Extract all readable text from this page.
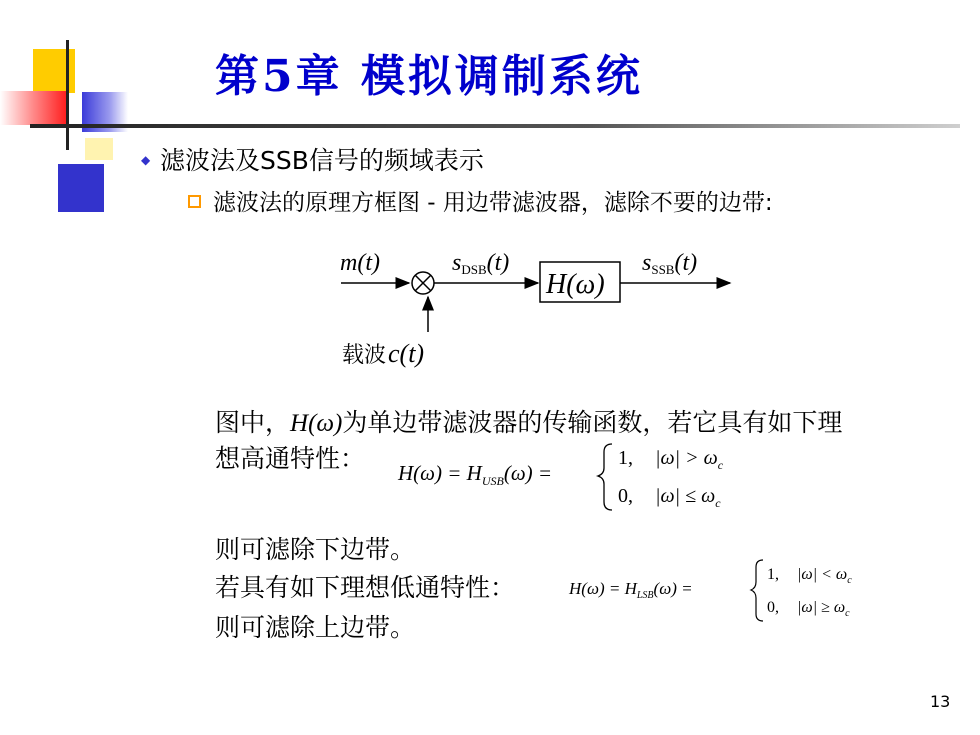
第5章 模拟调制系统
◆ 滤波法及SSB信号的频域表示
滤波法的原理方框图 - 用边带滤波器，滤除不要的边带:
m(t)	sDSB(t)
H(ω)
sSSB(t)
载波 c(t)
图中，H(ω)为单边带滤波器的传输函数，若它具有如下理
想高通特性： $H(\omega) = H_{USB}(\omega)$ =
1, $|\omega| > \omega_c$
0, $|\omega| \le \omega_c$
则可滤除下边带。
若具有如下理想低通特性：	$H(\omega) = H_{LSB}(\omega)$ =
1, $|\omega| < \omega_c$
0, $|\omega| \ge \omega_c$
则可滤除上边带。
13
